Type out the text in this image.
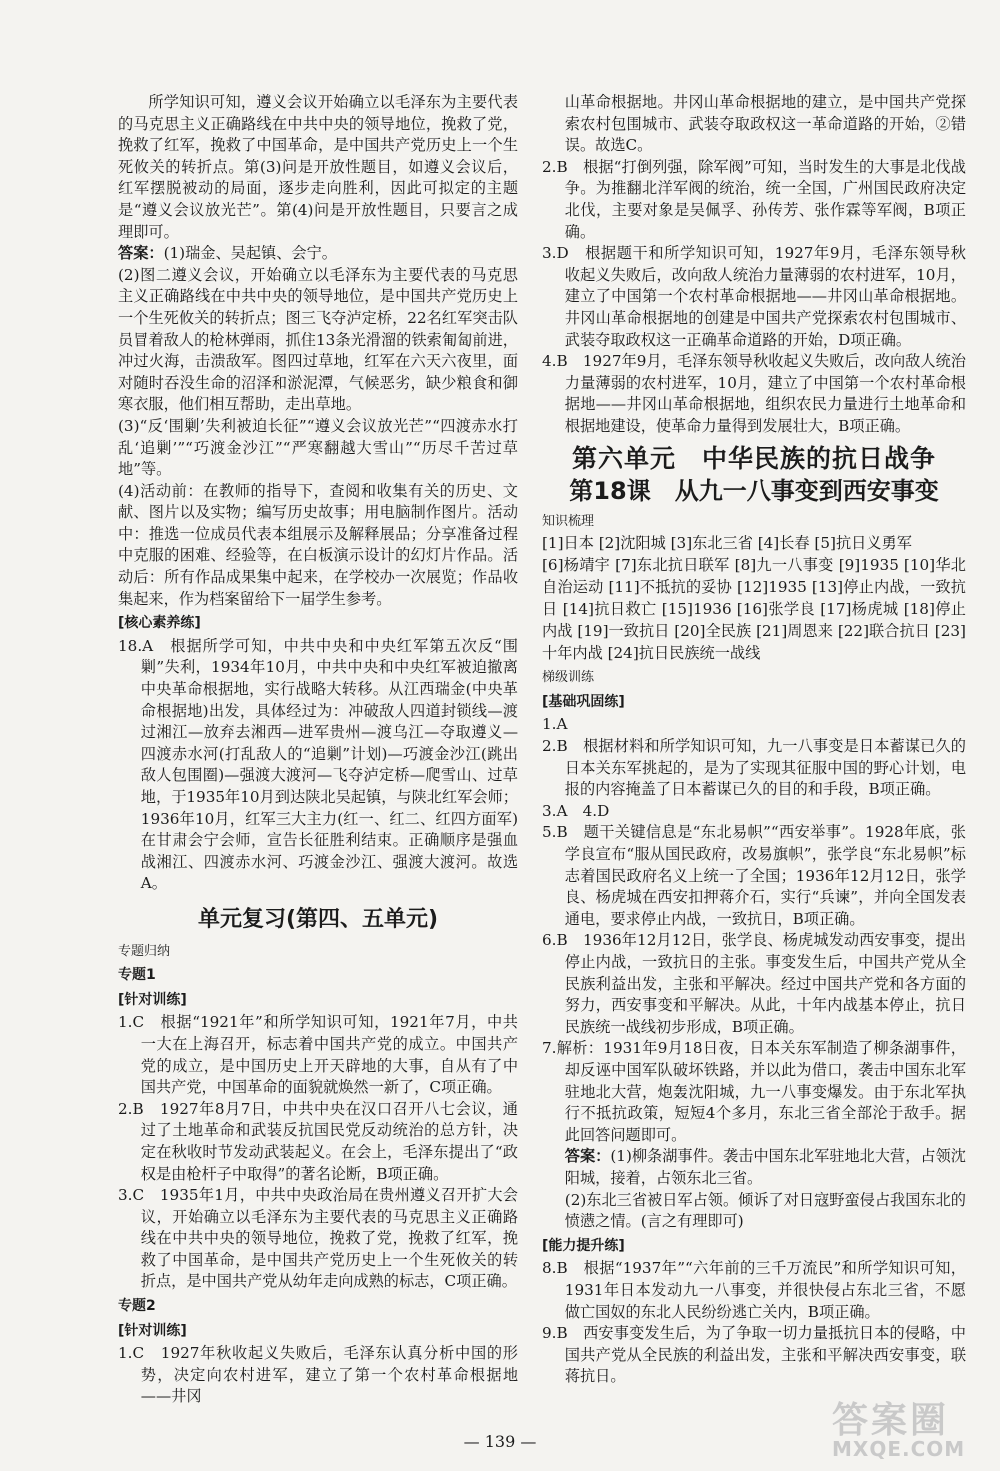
所学知识可知，遵义会议开始确立以毛泽东为主要代表的马克思主义正确路线在中共中央的领导地位，挽救了党，挽救了红军，挽救了中国革命，是中国共产党历史上一个生死攸关的转折点。第(3)问是开放性题目，如遵义会议后，红军摆脱被动的局面，逐步走向胜利，因此可拟定的主题是“遵义会议放光芒”。第(4)问是开放性题目，只要言之成理即可。

答案：(1)瑞金、吴起镇、会宁。

(2)图二遵义会议，开始确立以毛泽东为主要代表的马克思主义正确路线在中共中央的领导地位，是中国共产党历史上一个生死攸关的转折点；图三飞夺泸定桥，22名红军突击队员冒着敌人的枪林弹雨，抓住13条光滑溜的铁索匍匐前进，冲过火海，击溃敌军。图四过草地，红军在六天六夜里，面对随时吞没生命的沼泽和淤泥潭，气候恶劣，缺少粮食和御寒衣服，他们相互帮助，走出草地。

(3)“反‘围剿’失利被迫长征”“遵义会议放光芒”“四渡赤水打乱‘追剿’”“巧渡金沙江”“严寒翻越大雪山”“历尽千苦过草地”等。

(4)活动前：在教师的指导下，查阅和收集有关的历史、文献、图片以及实物；编写历史故事；用电脑制作图片。活动中：推选一位成员代表本组展示及解释展品；分享准备过程中克服的困难、经验等，在白板演示设计的幻灯片作品。活动后：所有作品成果集中起来，在学校办一次展览；作品收集起来，作为档案留给下一届学生参考。

[核心素养练]

18.A　根据所学可知，中共中央和中央红军第五次反“围剿”失利，1934年10月，中共中央和中央红军被迫撤离中央革命根据地，实行战略大转移。从江西瑞金(中央革命根据地)出发，具体经过为：冲破敌人四道封锁线—渡过湘江—放弃去湘西—进军贵州—渡乌江—夺取遵义—四渡赤水河(打乱敌人的“追剿”计划)—巧渡金沙江(跳出敌人包围圈)—强渡大渡河—飞夺泸定桥—爬雪山、过草地，于1935年10月到达陕北吴起镇，与陕北红军会师；1936年10月，红军三大主力(红一、红二、红四方面军)在甘肃会宁会师，宣告长征胜利结束。正确顺序是强血战湘江、四渡赤水河、巧渡金沙江、强渡大渡河。故选A。

单元复习(第四、五单元)
专题归纳
专题1
[针对训练]

1.C　根据“1921年”和所学知识可知，1921年7月，中共一大在上海召开，标志着中国共产党的成立。中国共产党的成立，是中国历史上开天辟地的大事，自从有了中国共产党，中国革命的面貌就焕然一新了，C项正确。

2.B　1927年8月7日，中共中央在汉口召开八七会议，通过了土地革命和武装反抗国民党反动统治的总方针，决定在秋收时节发动武装起义。在会上，毛泽东提出了“政权是由枪杆子中取得”的著名论断，B项正确。

3.C　1935年1月，中共中央政治局在贵州遵义召开扩大会议，开始确立以毛泽东为主要代表的马克思主义正确路线在中共中央的领导地位，挽救了党，挽救了红军，挽救了中国革命，是中国共产党历史上一个生死攸关的转折点，是中国共产党从幼年走向成熟的标志，C项正确。

专题2
[针对训练]

1.C　1927年秋收起义失败后，毛泽东认真分析中国的形势，决定向农村进军，建立了第一个农村革命根据地——井冈

山革命根据地。井冈山革命根据地的建立，是中国共产党探索农村包围城市、武装夺取政权这一革命道路的开始，②错误。故选C。

2.B　根据“打倒列强，除军阀”可知，当时发生的大事是北伐战争。为推翻北洋军阀的统治，统一全国，广州国民政府决定北伐，主要对象是吴佩孚、孙传芳、张作霖等军阀，B项正确。

3.D　根据题干和所学知识可知，1927年9月，毛泽东领导秋收起义失败后，改向敌人统治力量薄弱的农村进军，10月，建立了中国第一个农村革命根据地——井冈山革命根据地。井冈山革命根据地的创建是中国共产党探索农村包围城市、武装夺取政权这一正确革命道路的开始，D项正确。

4.B　1927年9月，毛泽东领导秋收起义失败后，改向敌人统治力量薄弱的农村进军，10月，建立了中国第一个农村革命根据地——井冈山革命根据地，组织农民力量进行土地革命和根据地建设，使革命力量得到发展壮大，B项正确。

第六单元　中华民族的抗日战争
第18课　从九一八事变到西安事变
知识梳理

[1]日本 [2]沈阳城 [3]东北三省 [4]长春 [5]抗日义勇军

[6]杨靖宇 [7]东北抗日联军 [8]九一八事变 [9]1935 [10]华北自治运动 [11]不抵抗的妥协 [12]1935 [13]停止内战，一致抗日 [14]抗日救亡 [15]1936 [16]张学良 [17]杨虎城 [18]停止内战 [19]一致抗日 [20]全民族 [21]周恩来 [22]联合抗日 [23]十年内战 [24]抗日民族统一战线

梯级训练
[基础巩固练]

1.A

2.B　根据材料和所学知识可知，九一八事变是日本蓄谋已久的日本关东军挑起的，是为了实现其征服中国的野心计划，电报的内容掩盖了日本蓄谋已久的目的和手段，B项正确。

3.A　4.D

5.B　题干关键信息是“东北易帜”“西安举事”。1928年底，张学良宣布“服从国民政府，改易旗帜”，张学良“东北易帜”标志着国民政府名义上统一了全国；1936年12月12日，张学良、杨虎城在西安扣押蒋介石，实行“兵谏”，并向全国发表通电，要求停止内战，一致抗日，B项正确。

6.B　1936年12月12日，张学良、杨虎城发动西安事变，提出停止内战，一致抗日的主张。事变发生后，中国共产党从全民族利益出发，主张和平解决。经过中国共产党和各方面的努力，西安事变和平解决。从此，十年内战基本停止，抗日民族统一战线初步形成，B项正确。

7.解析：1931年9月18日夜，日本关东军制造了柳条湖事件，却反诬中国军队破坏铁路，并以此为借口，袭击中国东北军驻地北大营，炮轰沈阳城，九一八事变爆发。由于东北军执行不抵抗政策，短短4个多月，东北三省全部沦于敌手。据此回答问题即可。

答案：(1)柳条湖事件。袭击中国东北军驻地北大营，占领沈阳城，接着，占领东北三省。

(2)东北三省被日军占领。倾诉了对日寇野蛮侵占我国东北的愤懑之情。(言之有理即可)

[能力提升练]

8.B　根据“1937年”“六年前的三千万流民”和所学知识可知，1931年日本发动九一八事变，并很快侵占东北三省，不愿做亡国奴的东北人民纷纷逃亡关内，B项正确。

9.B　西安事变发生后，为了争取一切力量抵抗日本的侵略，中国共产党从全民族的利益出发，主张和平解决西安事变，联蒋抗日。

— 139 —
答案圈
MXQE.COM
